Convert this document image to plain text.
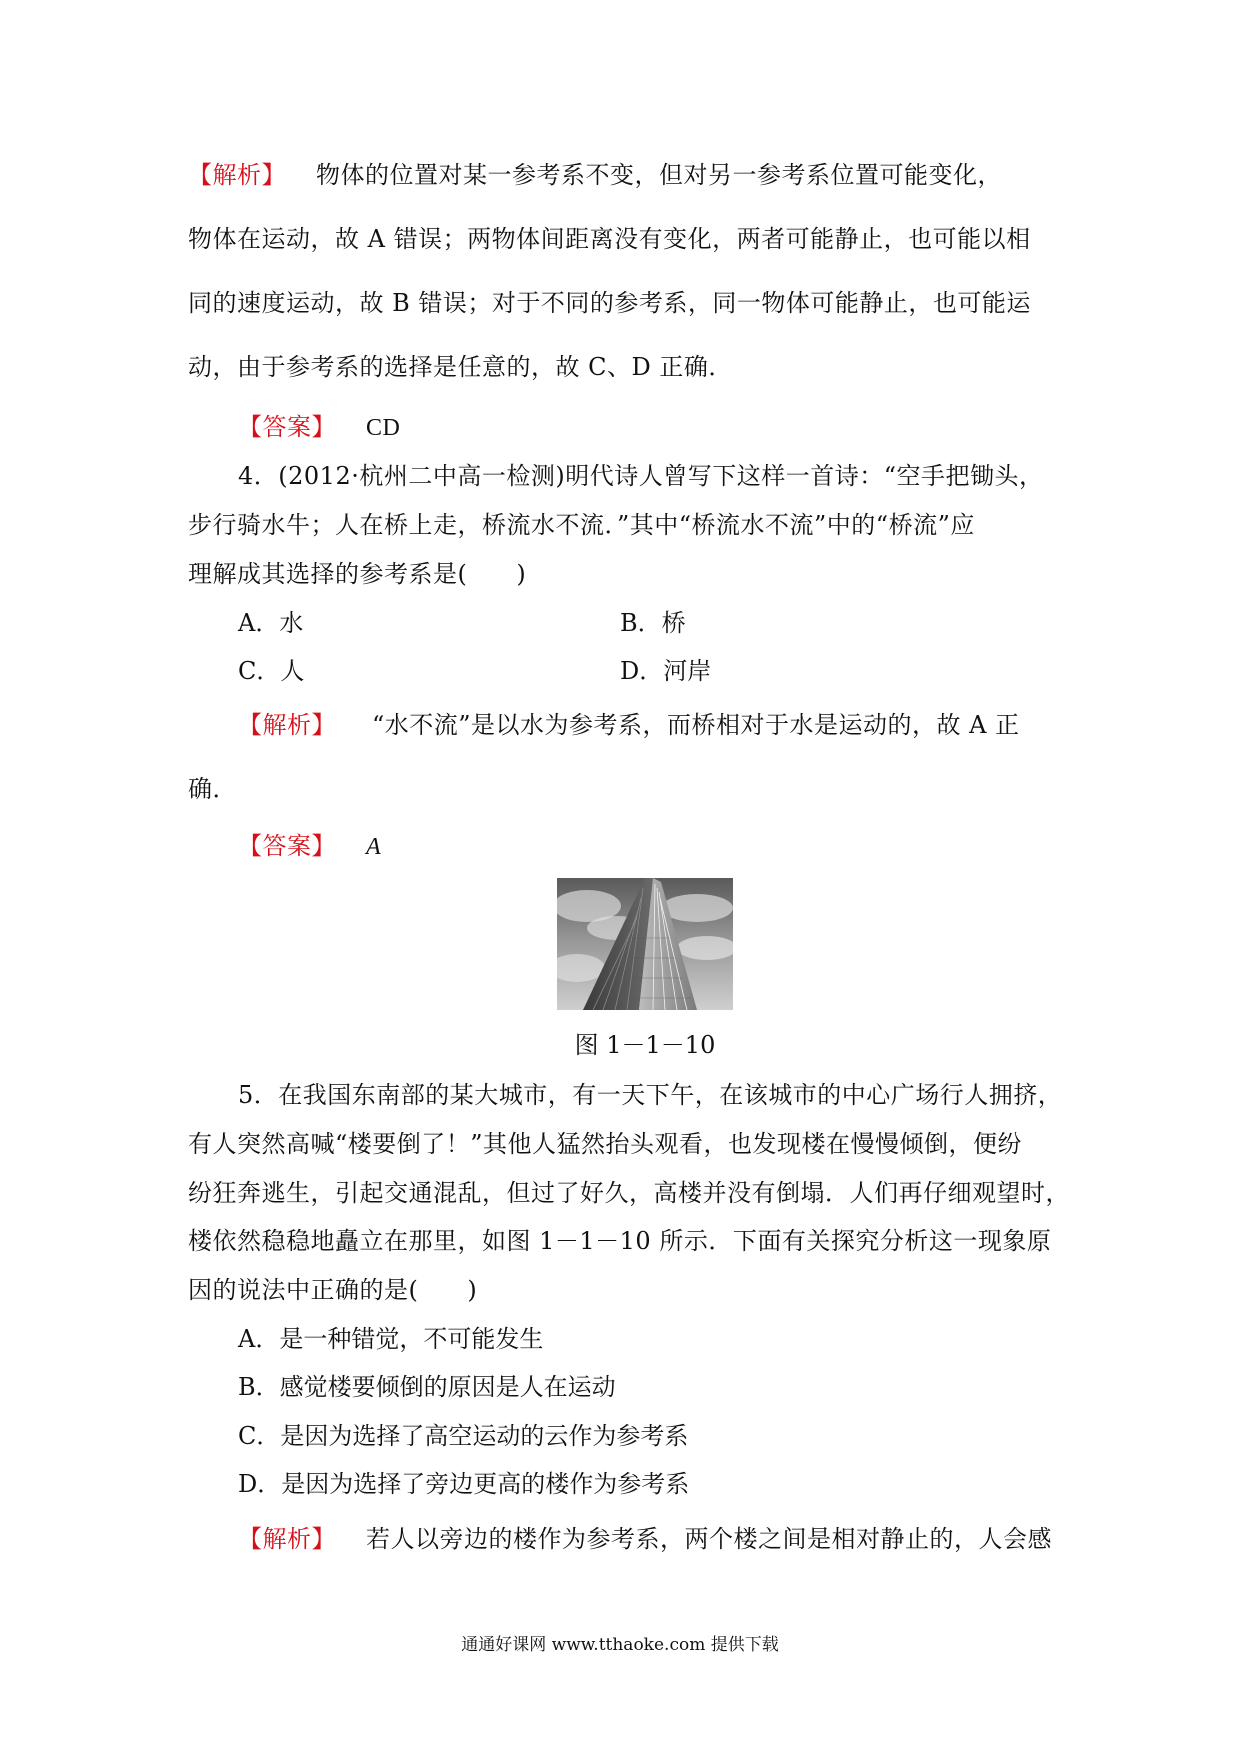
【解析】 物体的位置对某一参考系不变，但对另一参考系位置可能变化，
物体在运动，故 A 错误；两物体间距离没有变化，两者可能静止，也可能以相
同的速度运动，故 B 错误；对于不同的参考系，同一物体可能静止，也可能运
动，由于参考系的选择是任意的，故 C、D 正确．
【答案】 CD
4．(2012·杭州二中高一检测)明代诗人曾写下这样一首诗：“空手把锄头，
步行骑水牛；人在桥上走，桥流水不流．”其中“桥流水不流”中的“桥流”应
理解成其选择的参考系是(　　)
A．水	B．桥
C．人	D．河岸
【解析】 “水不流”是以水为参考系，而桥相对于水是运动的，故 A 正
确．
【答案】 A
图 1－1－10
5．在我国东南部的某大城市，有一天下午，在该城市的中心广场行人拥挤，
有人突然高喊“楼要倒了！”其他人猛然抬头观看，也发现楼在慢慢倾倒，便纷
纷狂奔逃生，引起交通混乱，但过了好久，高楼并没有倒塌．人们再仔细观望时，
楼依然稳稳地矗立在那里，如图 1－1－10 所示．下面有关探究分析这一现象原
因的说法中正确的是(　　)
A．是一种错觉，不可能发生
B．感觉楼要倾倒的原因是人在运动
C．是因为选择了高空运动的云作为参考系
D．是因为选择了旁边更高的楼作为参考系
【解析】 若人以旁边的楼作为参考系，两个楼之间是相对静止的，人会感
通通好课网 www.tthaoke.com 提供下载
